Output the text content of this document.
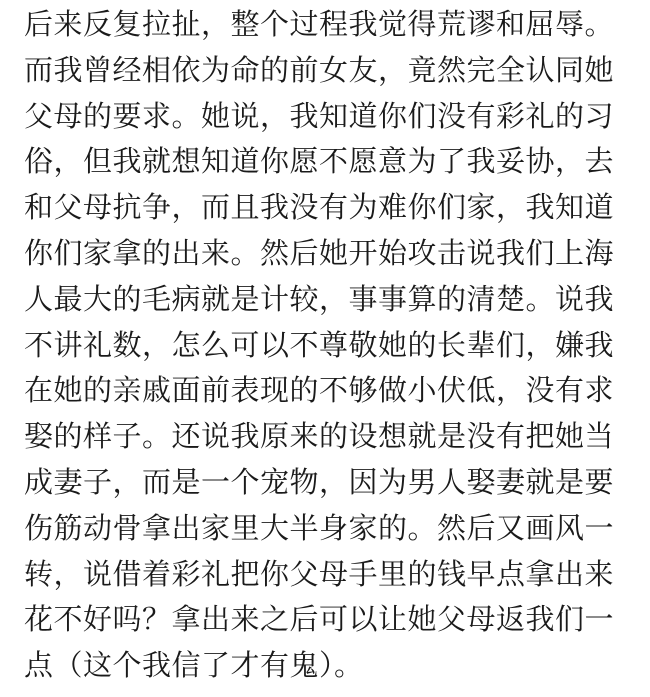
后来反复拉扯，整个过程我觉得荒谬和屈辱。
而我曾经相依为命的前女友，竟然完全认同她
父母的要求。她说，我知道你们没有彩礼的习
俗，但我就想知道你愿不愿意为了我妥协，去
和父母抗争，而且我没有为难你们家，我知道
你们家拿的出来。然后她开始攻击说我们上海
人最大的毛病就是计较，事事算的清楚。说我
不讲礼数，怎么可以不尊敬她的长辈们，嫌我
在她的亲戚面前表现的不够做小伏低，没有求
娶的样子。还说我原来的设想就是没有把她当
成妻子，而是一个宠物，因为男人娶妻就是要
伤筋动骨拿出家里大半身家的。然后又画风一
转，说借着彩礼把你父母手里的钱早点拿出来
花不好吗？拿出来之后可以让她父母返我们一
点（这个我信了才有鬼）。
